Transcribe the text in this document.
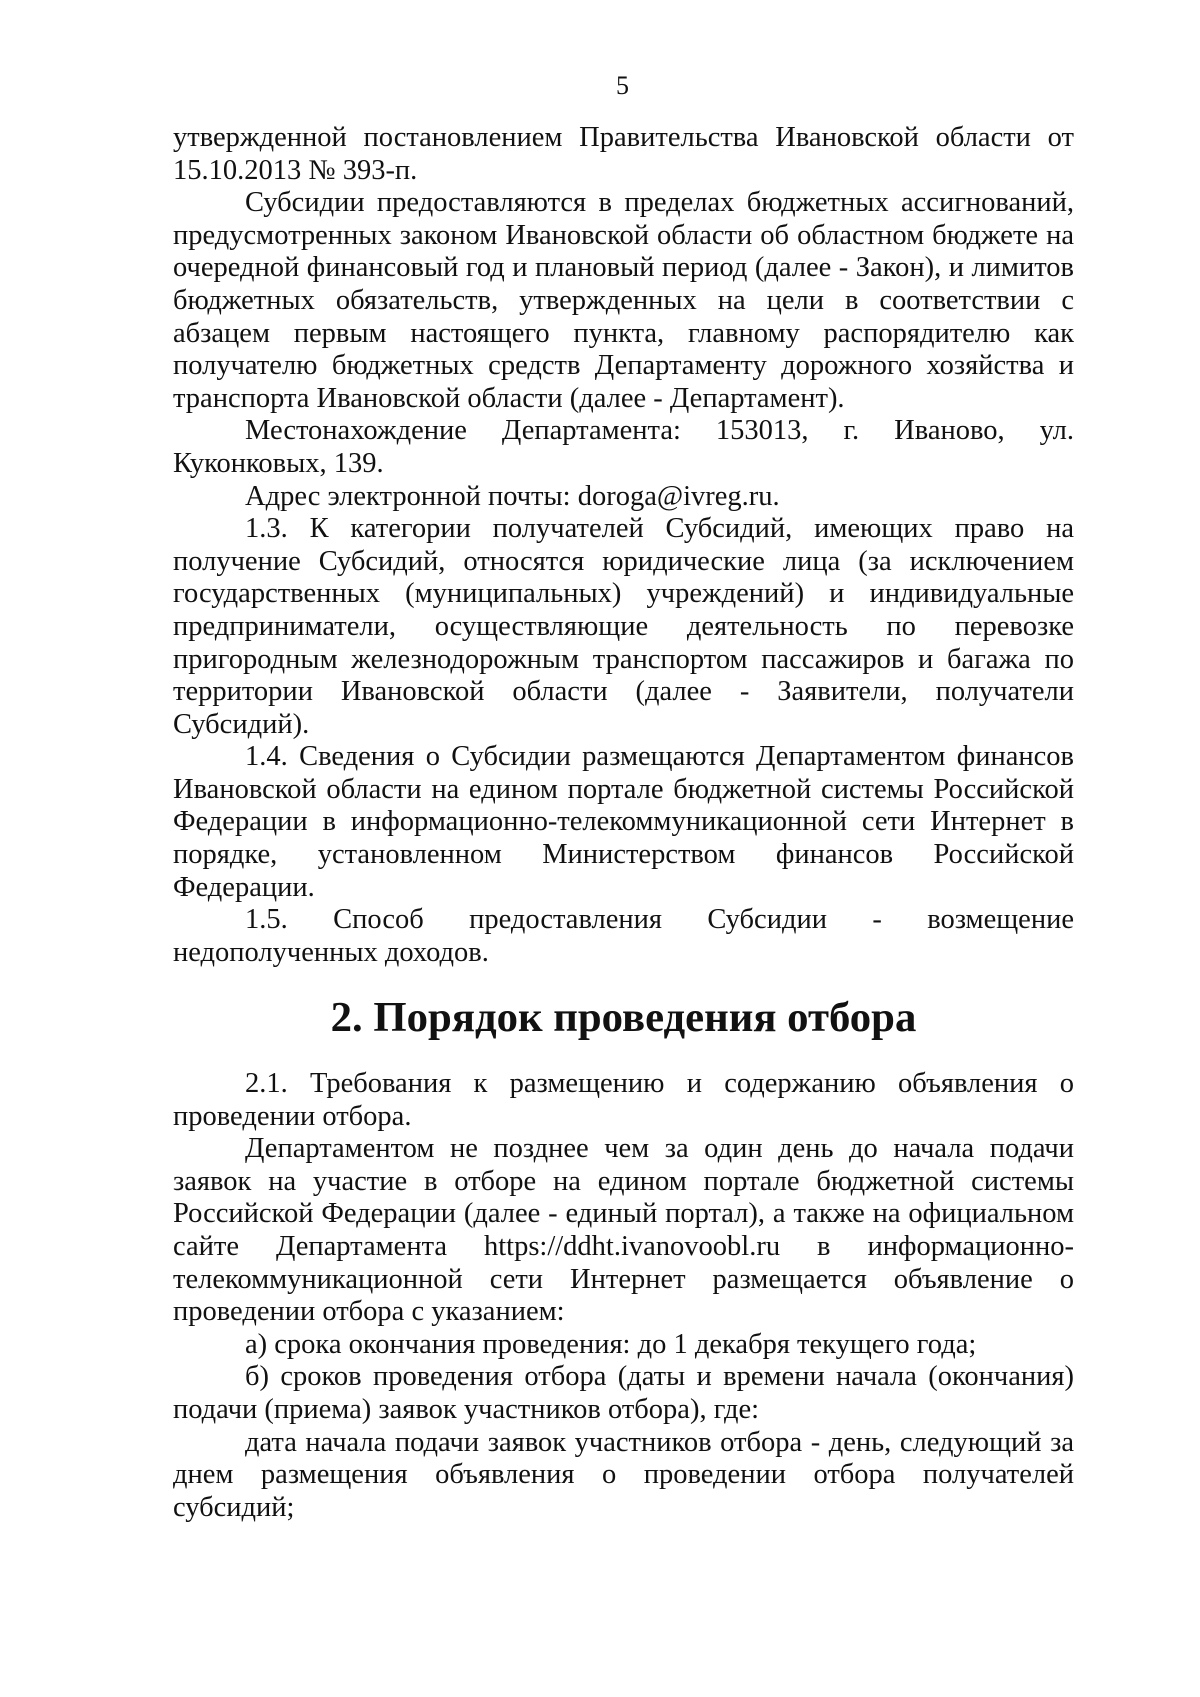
5

утвержденной постановлением Правительства Ивановской области от 15.10.2013 № 393-п.

Субсидии предоставляются в пределах бюджетных ассигнований, предусмотренных законом Ивановской области об областном бюджете на очередной финансовый год и плановый период (далее - Закон), и лимитов бюджетных обязательств, утвержденных на цели в соответствии с абзацем первым настоящего пункта, главному распорядителю как получателю бюджетных средств Департаменту дорожного хозяйства и транспорта Ивановской области (далее - Департамент).

Местонахождение Департамента: 153013, г. Иваново, ул. Куконковых, 139.

Адрес электронной почты: doroga@ivreg.ru.

1.3. К категории получателей Субсидий, имеющих право на получение Субсидий, относятся юридические лица (за исключением государственных (муниципальных) учреждений) и индивидуальные предприниматели, осуществляющие деятельность по перевозке пригородным железнодорожным транспортом пассажиров и багажа по территории Ивановской области (далее - Заявители, получатели Субсидий).

1.4. Сведения о Субсидии размещаются Департаментом финансов Ивановской области на едином портале бюджетной системы Российской Федерации в информационно-телекоммуникационной сети Интернет в порядке, установленном Министерством финансов Российской Федерации.

1.5. Способ предоставления Субсидии - возмещение недополученных доходов.

2. Порядок проведения отбора

2.1. Требования к размещению и содержанию объявления о проведении отбора.

Департаментом не позднее чем за один день до начала подачи заявок на участие в отборе на едином портале бюджетной системы Российской Федерации (далее - единый портал), а также на официальном сайте Департамента https://ddht.ivanovoobl.ru в информационно-телекоммуникационной сети Интернет размещается объявление о проведении отбора с указанием:

а) срока окончания проведения: до 1 декабря текущего года;

б) сроков проведения отбора (даты и времени начала (окончания) подачи (приема) заявок участников отбора), где:

дата начала подачи заявок участников отбора - день, следующий за днем размещения объявления о проведении отбора получателей субсидий;
